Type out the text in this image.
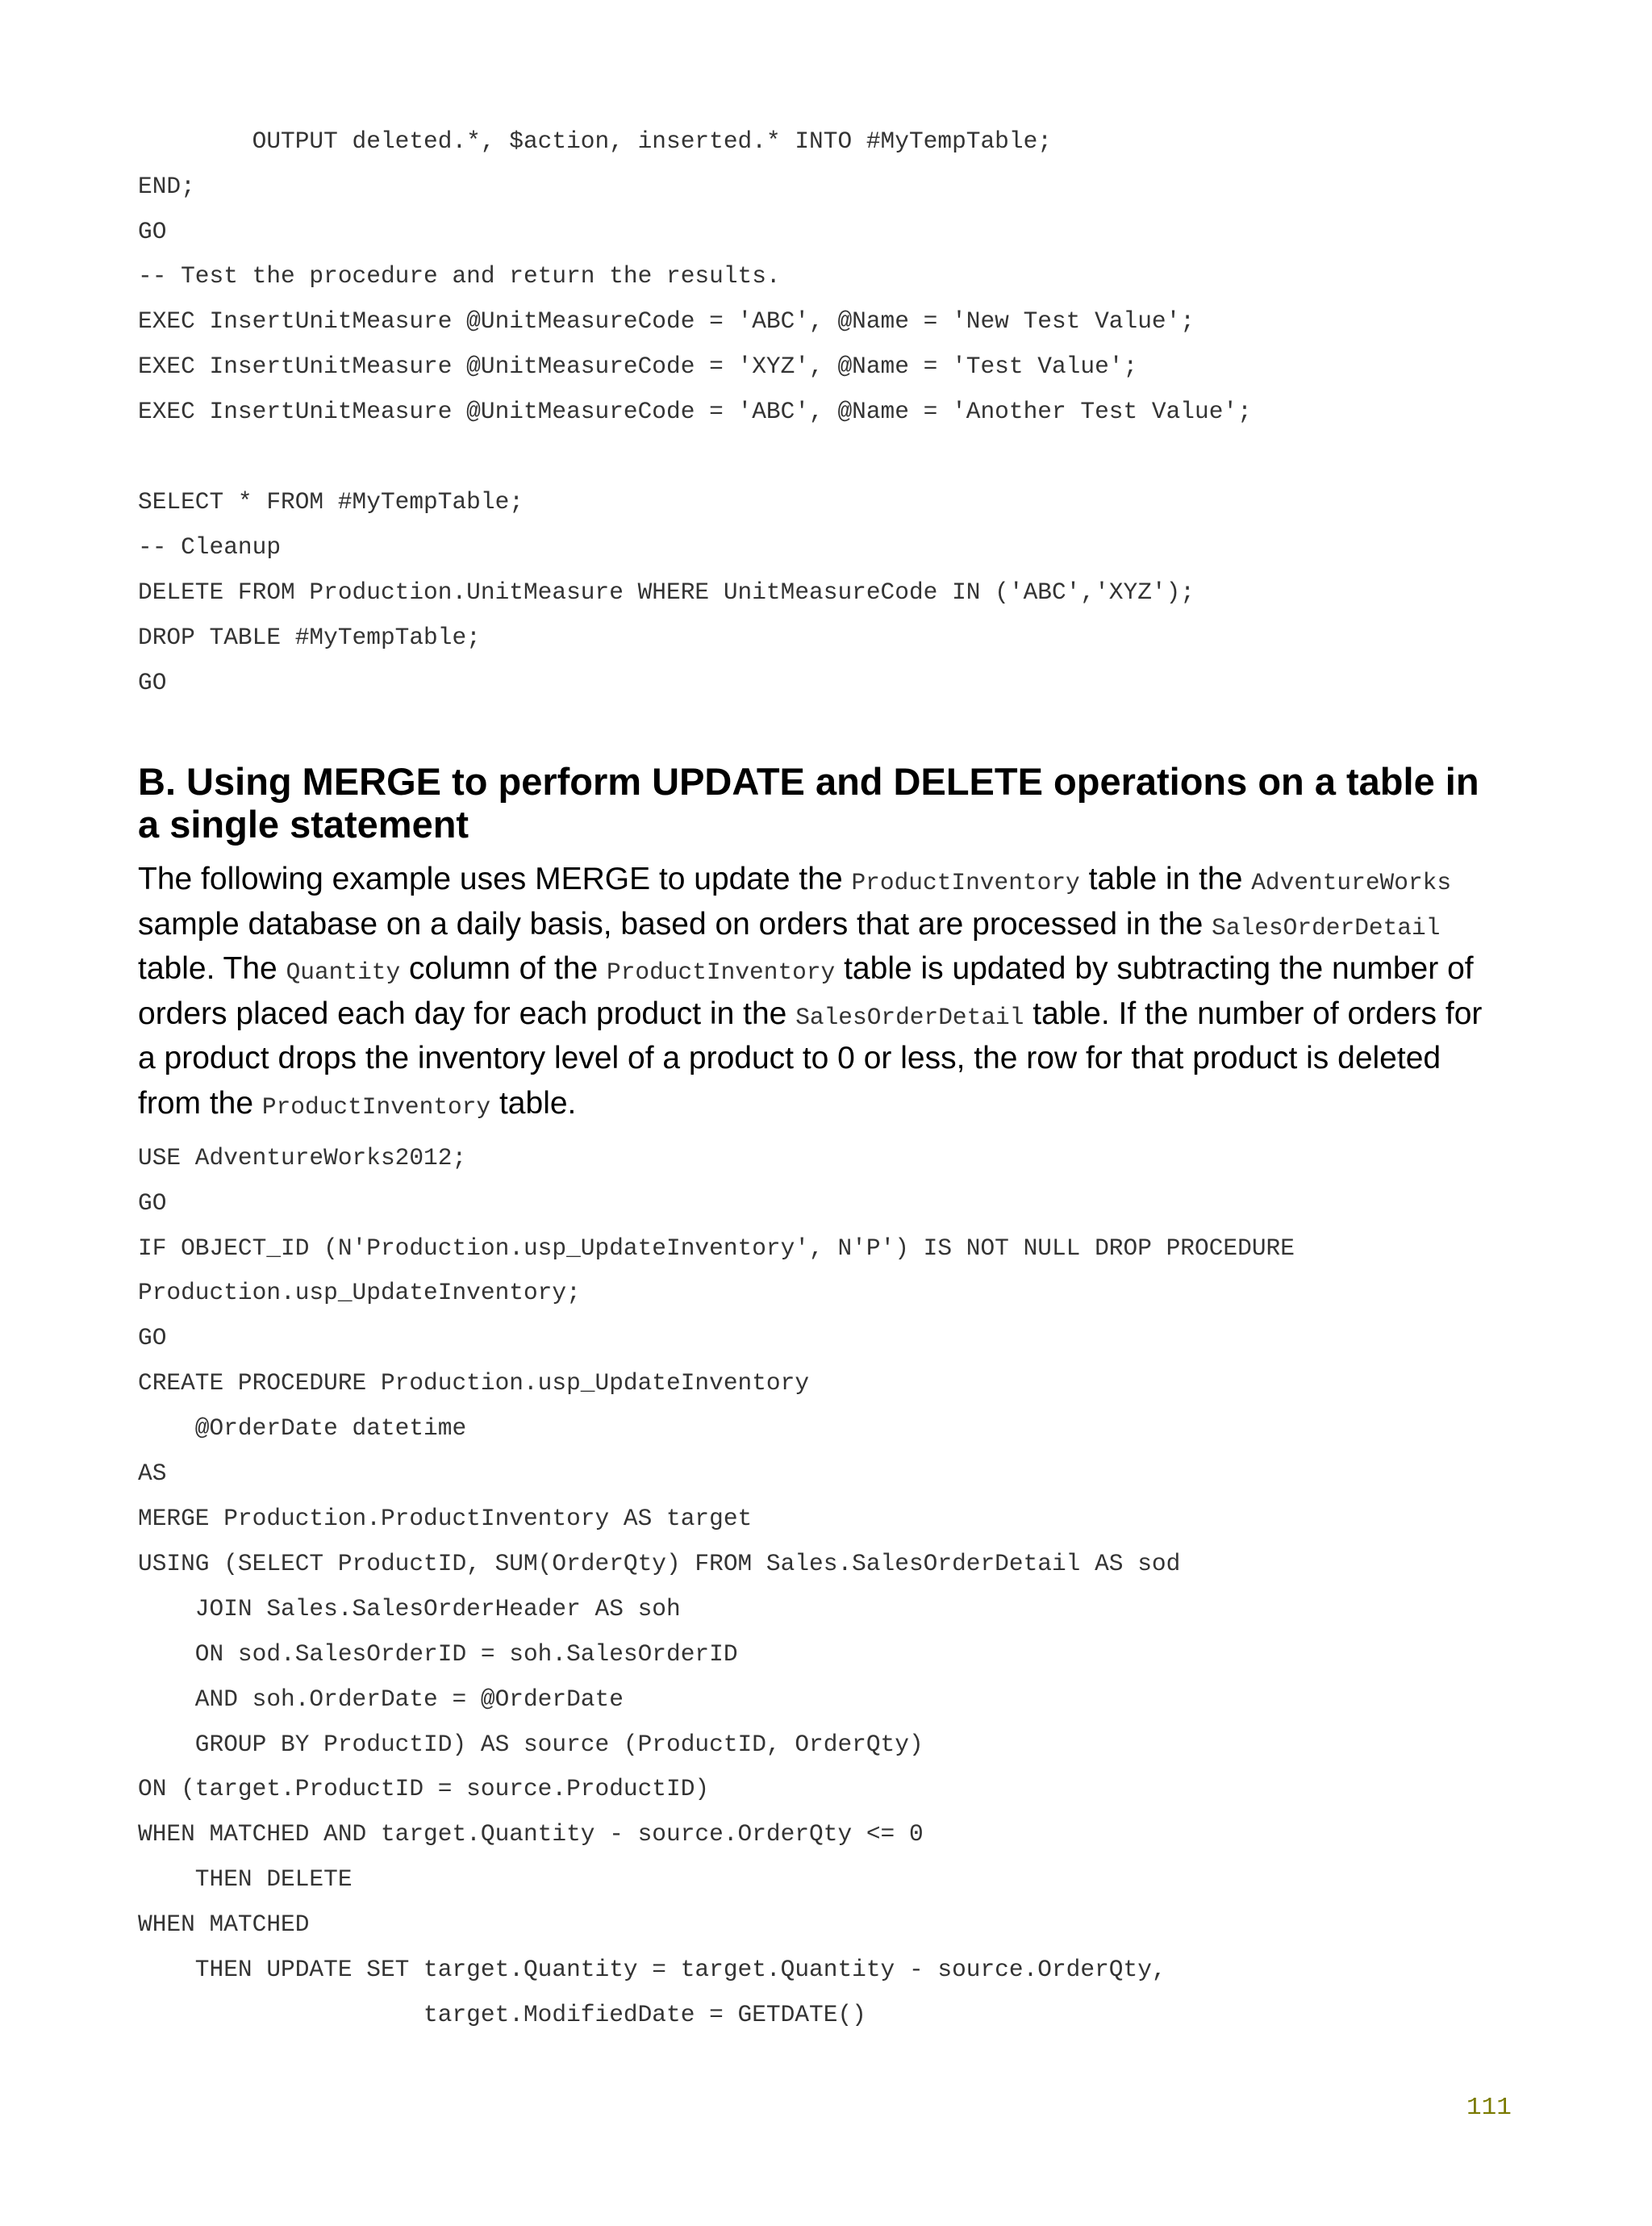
OUTPUT deleted.*, $action, inserted.* INTO #MyTempTable;
END;
GO
-- Test the procedure and return the results.
EXEC InsertUnitMeasure @UnitMeasureCode = 'ABC', @Name = 'New Test Value';
EXEC InsertUnitMeasure @UnitMeasureCode = 'XYZ', @Name = 'Test Value';
EXEC InsertUnitMeasure @UnitMeasureCode = 'ABC', @Name = 'Another Test Value';
SELECT * FROM #MyTempTable;
-- Cleanup
DELETE FROM Production.UnitMeasure WHERE UnitMeasureCode IN ('ABC','XYZ');
DROP TABLE #MyTempTable;
GO
B. Using MERGE to perform UPDATE and DELETE operations on a table in
a single statement
The following example uses MERGE to update the ProductInventory table in the AdventureWorks
sample database on a daily basis, based on orders that are processed in the SalesOrderDetail
table. The Quantity column of the ProductInventory table is updated by subtracting the number of
orders placed each day for each product in the SalesOrderDetail table. If the number of orders for
a product drops the inventory level of a product to 0 or less, the row for that product is deleted
from the ProductInventory table.
USE AdventureWorks2012;
GO
IF OBJECT_ID (N'Production.usp_UpdateInventory', N'P') IS NOT NULL DROP PROCEDURE
Production.usp_UpdateInventory;
GO
CREATE PROCEDURE Production.usp_UpdateInventory
@OrderDate datetime
AS
MERGE Production.ProductInventory AS target
USING (SELECT ProductID, SUM(OrderQty) FROM Sales.SalesOrderDetail AS sod
JOIN Sales.SalesOrderHeader AS soh
ON sod.SalesOrderID = soh.SalesOrderID
AND soh.OrderDate = @OrderDate
GROUP BY ProductID) AS source (ProductID, OrderQty)
ON (target.ProductID = source.ProductID)
WHEN MATCHED AND target.Quantity - source.OrderQty <= 0
THEN DELETE
WHEN MATCHED
THEN UPDATE SET target.Quantity = target.Quantity - source.OrderQty,
target.ModifiedDate = GETDATE()
111
